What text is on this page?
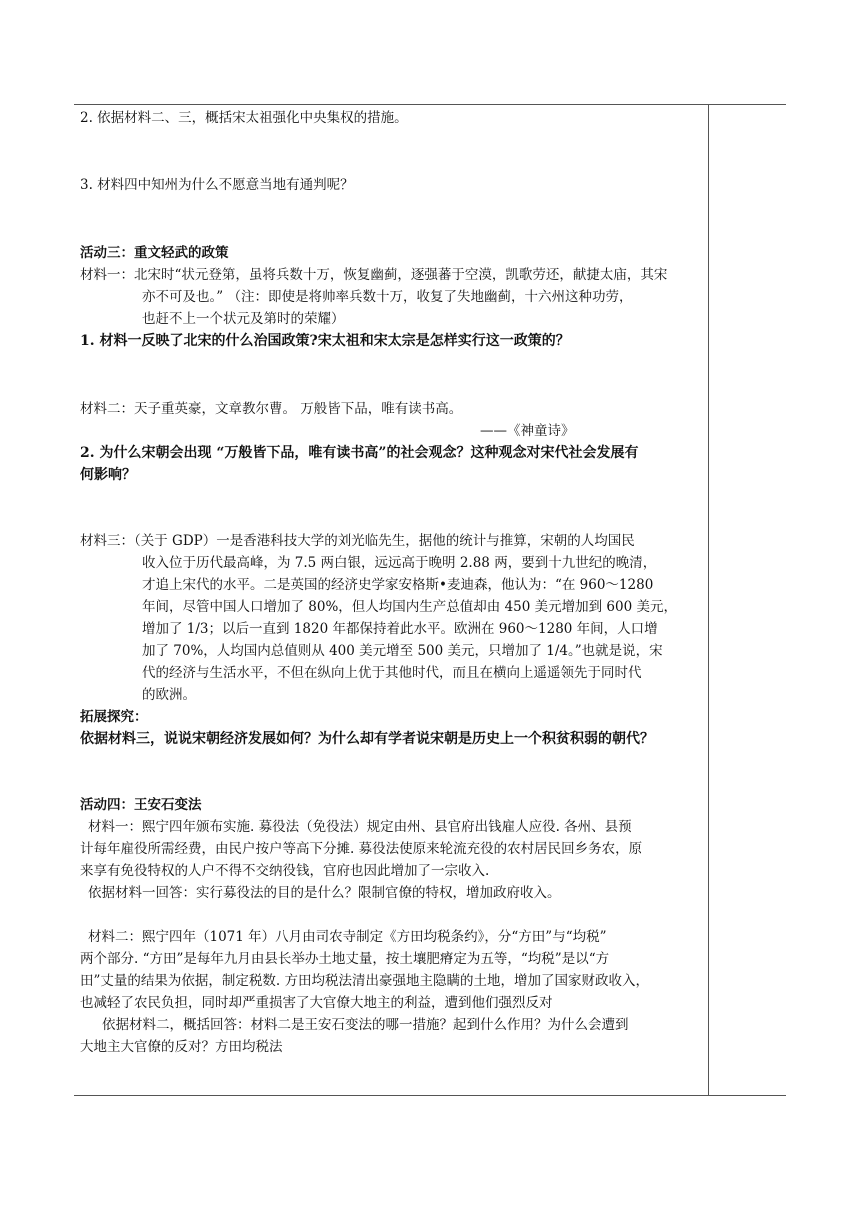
2. 依据材料二、三，概括宋太祖强化中央集权的措施。
3. 材料四中知州为什么不愿意当地有通判呢？
活动三：重文轻武的政策
材料一：北宋时“状元登第，虽将兵数十万，恢复幽蓟，逐强蕃于空漠，凯歌劳还，献捷太庙，其宋
亦不可及也。” （注：即使是将帅率兵数十万，收复了失地幽蓟，十六州这种功劳，
也赶不上一个状元及第时的荣耀）
1. 材料一反映了北宋的什么治国政策?宋太祖和宋太宗是怎样实行这一政策的？
材料二：天子重英豪，文章教尔曹。 万般皆下品，唯有读书高。
——《神童诗》
2. 为什么宋朝会出现 “万般皆下品，唯有读书高”的社会观念？这种观念对宋代社会发展有
何影响？
材料三：（关于 GDP）一是香港科技大学的刘光临先生，据他的统计与推算，宋朝的人均国民
收入位于历代最高峰，为 7.5 两白银，远远高于晚明 2.88 两，要到十九世纪的晚清，
才追上宋代的水平。二是英国的经济史学家安格斯•麦迪森，他认为：“在 960～1280
年间，尽管中国人口增加了 80%，但人均国内生产总值却由 450 美元增加到 600 美元，
增加了 1/3；以后一直到 1820 年都保持着此水平。欧洲在 960～1280 年间，人口增
加了 70%，人均国内总值则从 400 美元增至 500 美元，只增加了 1/4。”也就是说，宋
代的经济与生活水平，不但在纵向上优于其他时代，而且在横向上遥遥领先于同时代
的欧洲。
拓展探究：
依据材料三，说说宋朝经济发展如何？为什么却有学者说宋朝是历史上一个积贫积弱的朝代？
活动四：王安石变法
材料一：熙宁四年颁布实施. 募役法（免役法）规定由州、县官府出钱雇人应役. 各州、县预
计每年雇役所需经费，由民户按户等高下分摊. 募役法使原来轮流充役的农村居民回乡务农，原
来享有免役特权的人户不得不交纳役钱，官府也因此增加了一宗收入.
依据材料一回答：实行募役法的目的是什么？限制官僚的特权，增加政府收入。
材料二：熙宁四年（1071 年）八月由司农寺制定《方田均税条约》，分“方田”与“均税”
两个部分. “方田”是每年九月由县长举办土地丈量，按土壤肥瘠定为五等，“均税”是以“方
田”丈量的结果为依据，制定税数. 方田均税法清出豪强地主隐瞒的土地，增加了国家财政收入，
也减轻了农民负担，同时却严重损害了大官僚大地主的利益，遭到他们强烈反对
依据材料二，概括回答：材料二是王安石变法的哪一措施？起到什么作用？为什么会遭到
大地主大官僚的反对？方田均税法
